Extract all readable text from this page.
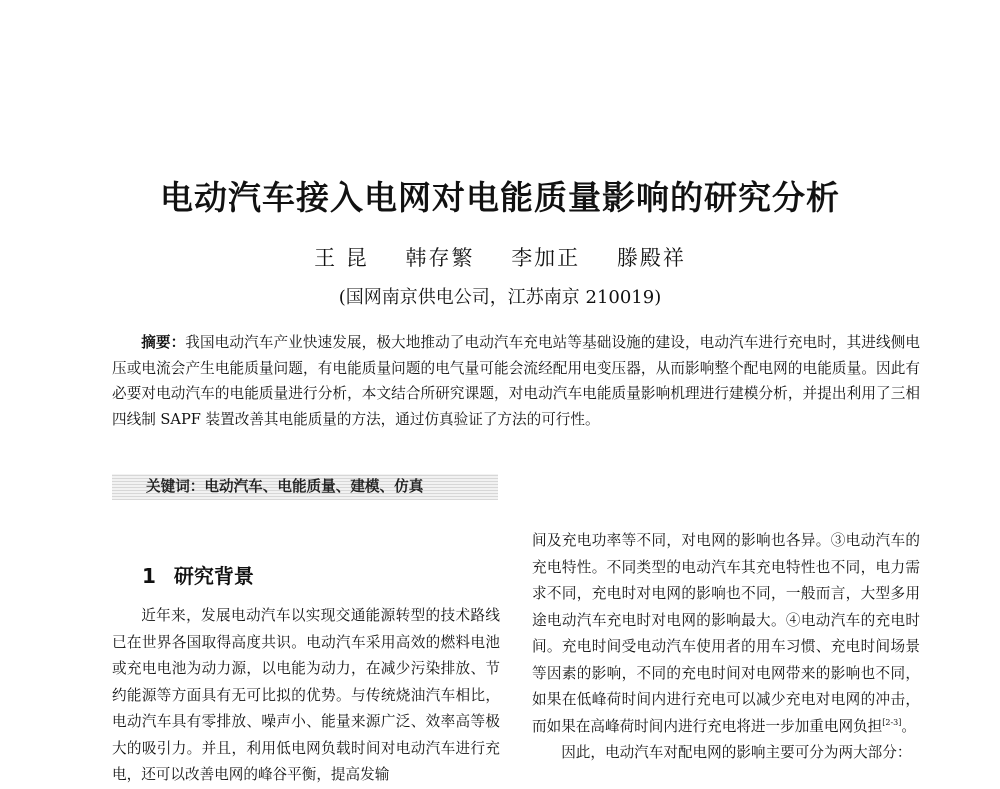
电动汽车接入电网对电能质量影响的研究分析
王 昆 韩存繁 李加正 滕殿祥
(国网南京供电公司，江苏南京 210019)
摘要：我国电动汽车产业快速发展，极大地推动了电动汽车充电站等基础设施的建设，电动汽车进行充电时，其进线侧电压或电流会产生电能质量问题，有电能质量问题的电气量可能会流经配用电变压器，从而影响整个配电网的电能质量。因此有必要对电动汽车的电能质量进行分析，本文结合所研究课题，对电动汽车电能质量影响机理进行建模分析，并提出利用了三相四线制 SAPF 装置改善其电能质量的方法，通过仿真验证了方法的可行性。
关键词：电动汽车、电能质量、建模、仿真
1 研究背景

近年来，发展电动汽车以实现交通能源转型的技术路线已在世界各国取得高度共识。电动汽车采用高效的燃料电池或充电电池为动力源，以电能为动力，在减少污染排放、节约能源等方面具有无可比拟的优势。与传统烧油汽车相比，电动汽车具有零排放、噪声小、能量来源广泛、效率高等极大的吸引力。并且，利用低电网负载时间对电动汽车进行充电，还可以改善电网的峰谷平衡，提高发输

间及充电功率等不同，对电网的影响也各异。③电动汽车的充电特性。不同类型的电动汽车其充电特性也不同，电力需求不同，充电时对电网的影响也不同，一般而言，大型多用途电动汽车充电时对电网的影响最大。④电动汽车的充电时间。充电时间受电动汽车使用者的用车习惯、充电时间场景等因素的影响，不同的充电时间对电网带来的影响也不同，如果在低峰荷时间内进行充电可以减少充电对电网的冲击，而如果在高峰荷时间内进行充电将进一步加重电网负担[2-3]。

因此，电动汽车对配电网的影响主要可分为两大部分：
